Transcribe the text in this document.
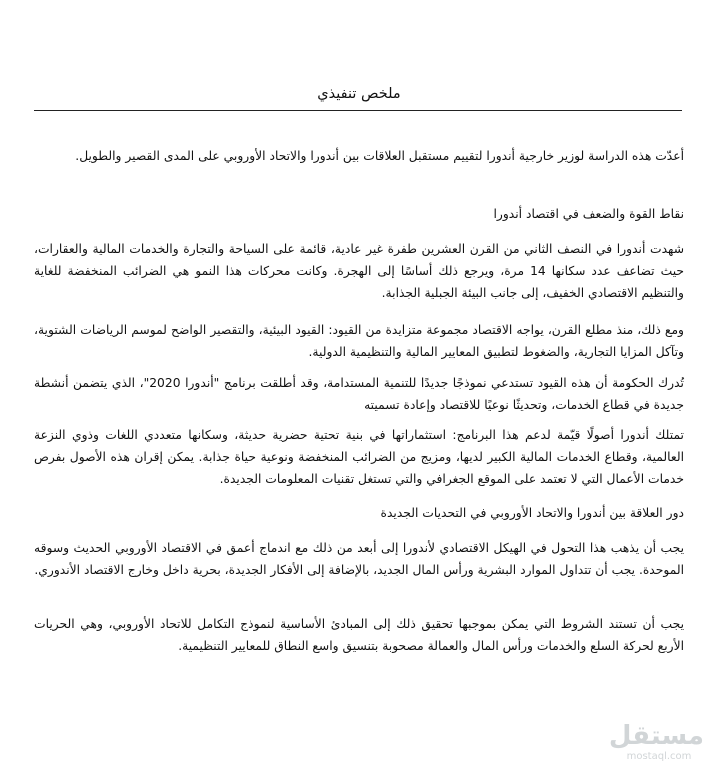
ملخص تنفيذي
أعدّت هذه الدراسة لوزير خارجية أندورا لتقييم مستقبل العلاقات بين أندورا والاتحاد الأوروبي على المدى القصير والطويل.
نقاط القوة والضعف في اقتصاد أندورا
شهدت أندورا في النصف الثاني من القرن العشرين طفرة غير عادية، قائمة على السياحة والتجارة والخدمات المالية والعقارات، حيث تضاعف عدد سكانها 14 مرة، ويرجع ذلك أساسًا إلى الهجرة. وكانت محركات هذا النمو هي الضرائب المنخفضة للغاية والتنظيم الاقتصادي الخفيف، إلى جانب البيئة الجبلية الجذابة.
ومع ذلك، منذ مطلع القرن، يواجه الاقتصاد مجموعة متزايدة من القيود: القيود البيئية، والتقصير الواضح لموسم الرياضات الشتوية، وتآكل المزايا التجارية، والضغوط لتطبيق المعايير المالية والتنظيمية الدولية.
تُدرك الحكومة أن هذه القيود تستدعي نموذجًا جديدًا للتنمية المستدامة، وقد أطلقت برنامج "أندورا 2020"، الذي يتضمن أنشطة جديدة في قطاع الخدمات، وتحديثًا نوعيًا للاقتصاد وإعادة تسميته
تمتلك أندورا أصولًا قيّمة لدعم هذا البرنامج: استثماراتها في بنية تحتية حضرية حديثة، وسكانها متعددي اللغات وذوي النزعة العالمية، وقطاع الخدمات المالية الكبير لديها، ومزيج من الضرائب المنخفضة ونوعية حياة جذابة. يمكن إقران هذه الأصول بفرص خدمات الأعمال التي لا تعتمد على الموقع الجغرافي والتي تستغل تقنيات المعلومات الجديدة.
دور العلاقة بين أندورا والاتحاد الأوروبي في التحديات الجديدة
يجب أن يذهب هذا التحول في الهيكل الاقتصادي لأندورا إلى أبعد من ذلك مع اندماج أعمق في الاقتصاد الأوروبي الحديث وسوقه الموحدة. يجب أن تتداول الموارد البشرية ورأس المال الجديد، بالإضافة إلى الأفكار الجديدة، بحرية داخل وخارج الاقتصاد الأندوري.
يجب أن تستند الشروط التي يمكن بموجبها تحقيق ذلك إلى المبادئ الأساسية لنموذج التكامل للاتحاد الأوروبي، وهي الحريات الأربع لحركة السلع والخدمات ورأس المال والعمالة مصحوبة بتنسيق واسع النطاق للمعايير التنظيمية.
مستقل
mostaql.com
